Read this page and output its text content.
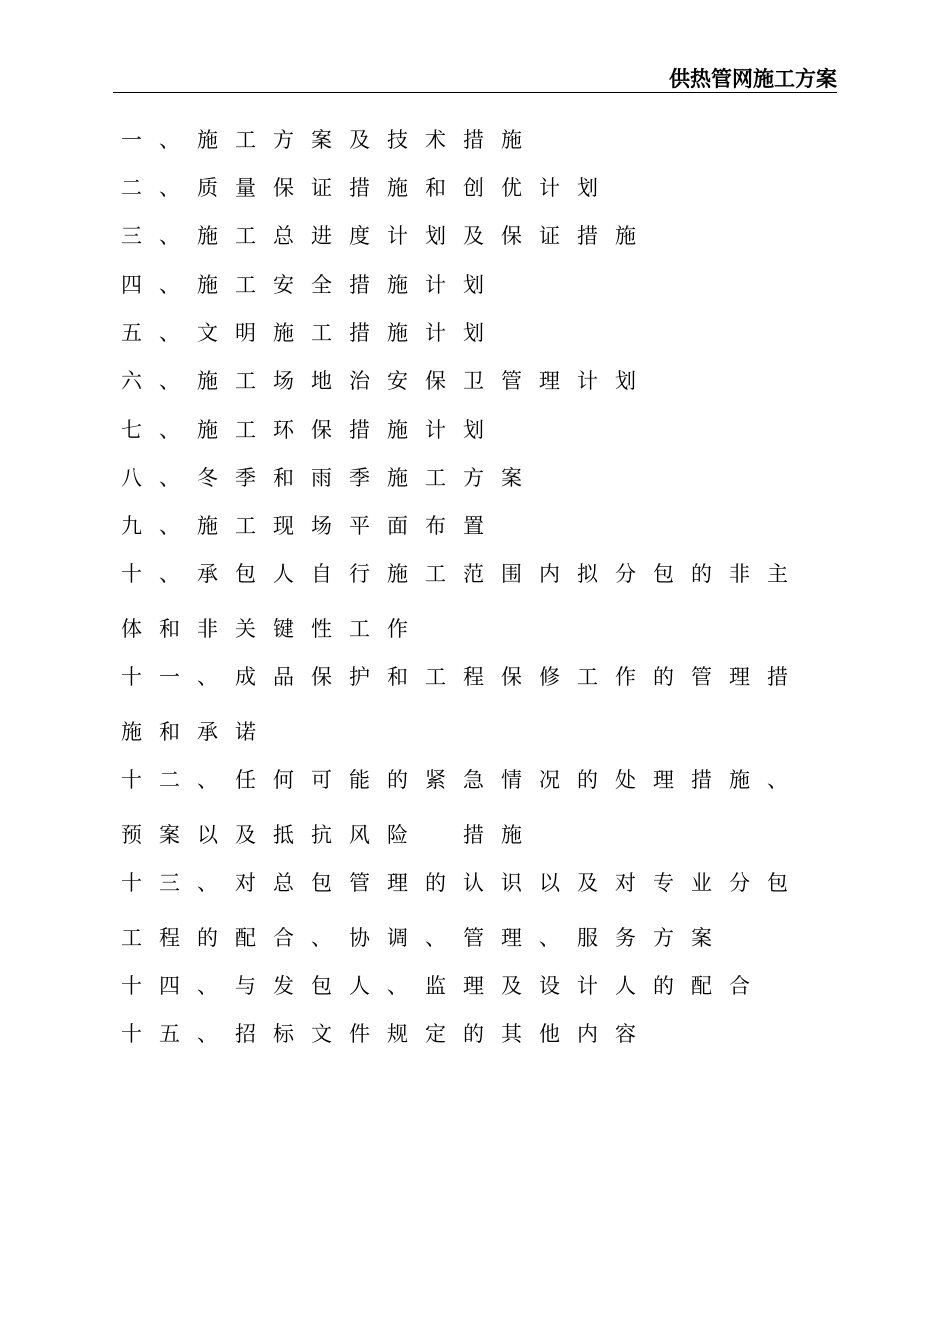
供热管网施工方案
一、施工方案及技术措施
二、质量保证措施和创优计划
三、施工总进度计划及保证措施
四、施工安全措施计划
五、文明施工措施计划
六、施工场地治安保卫管理计划
七、施工环保措施计划
八、冬季和雨季施工方案
九、施工现场平面布置
十、承包人自行施工范围内拟分包的非主
体和非关键性工作
十一、成品保护和工程保修工作的管理措
施和承诺
十二、任何可能的紧急情况的处理措施、
预案以及抵抗风险　措施
十三、对总包管理的认识以及对专业分包
工程的配合、协调、管理、服务方案
十四、与发包人、监理及设计人的配合
十五、招标文件规定的其他内容
